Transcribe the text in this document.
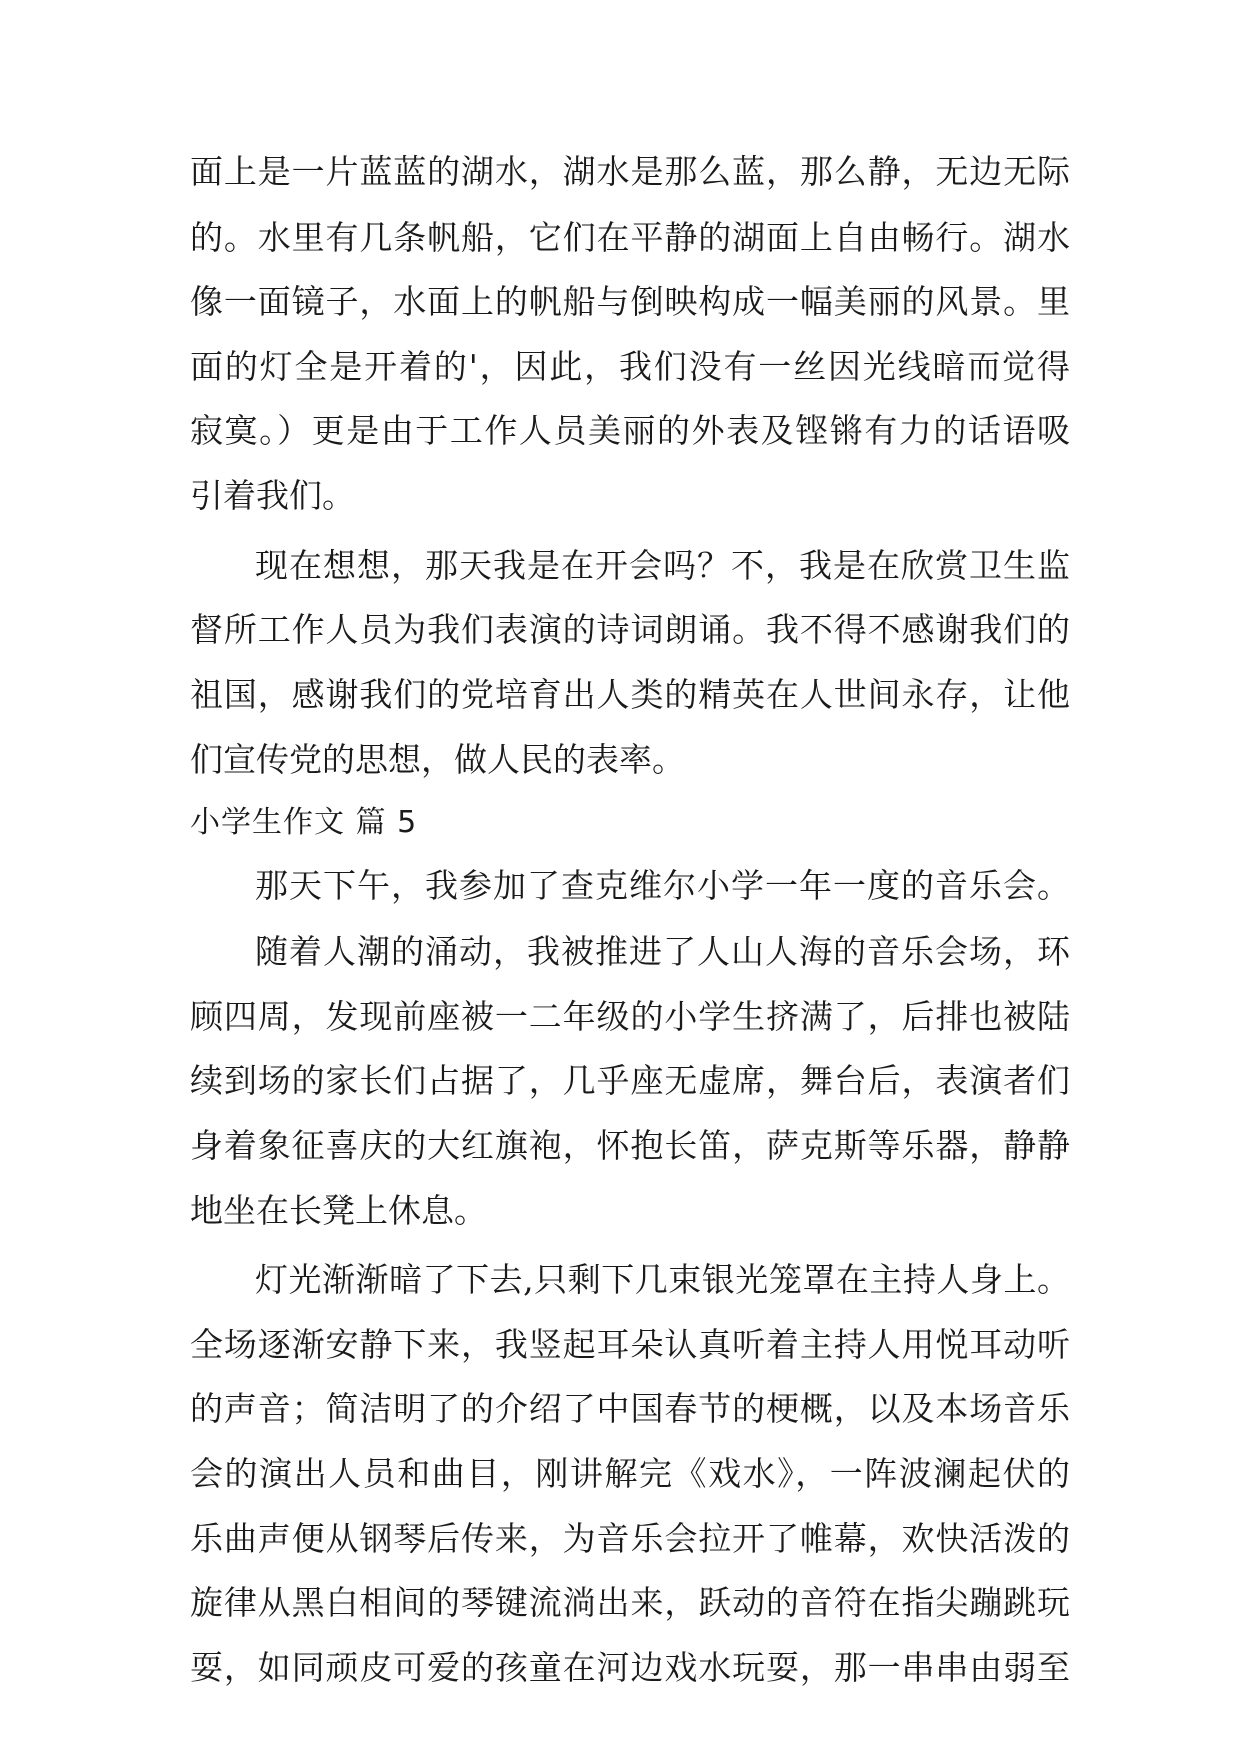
面上是一片蓝蓝的湖水，湖水是那么蓝，那么静，无边无际
的。水里有几条帆船，它们在平静的湖面上自由畅行。湖水
像一面镜子，水面上的帆船与倒映构成一幅美丽的风景。里
面的灯全是开着的'，因此，我们没有一丝因光线暗而觉得
寂寞。）更是由于工作人员美丽的外表及铿锵有力的话语吸
引着我们。
现在想想，那天我是在开会吗？不，我是在欣赏卫生监
督所工作人员为我们表演的诗词朗诵。我不得不感谢我们的
祖国，感谢我们的党培育出人类的精英在人世间永存，让他
们宣传党的思想，做人民的表率。
小学生作文 篇 5
那天下午，我参加了查克维尔小学一年一度的音乐会。
随着人潮的涌动，我被推进了人山人海的音乐会场，环
顾四周，发现前座被一二年级的小学生挤满了，后排也被陆
续到场的家长们占据了，几乎座无虚席，舞台后，表演者们
身着象征喜庆的大红旗袍，怀抱长笛，萨克斯等乐器，静静
地坐在长凳上休息。
灯光渐渐暗了下去,只剩下几束银光笼罩在主持人身上。
全场逐渐安静下来，我竖起耳朵认真听着主持人用悦耳动听
的声音；简洁明了的介绍了中国春节的梗概，以及本场音乐
会的演出人员和曲目，刚讲解完《戏水》，一阵波澜起伏的
乐曲声便从钢琴后传来，为音乐会拉开了帷幕，欢快活泼的
旋律从黑白相间的琴键流淌出来，跃动的音符在指尖蹦跳玩
耍，如同顽皮可爱的孩童在河边戏水玩耍，那一串串由弱至
